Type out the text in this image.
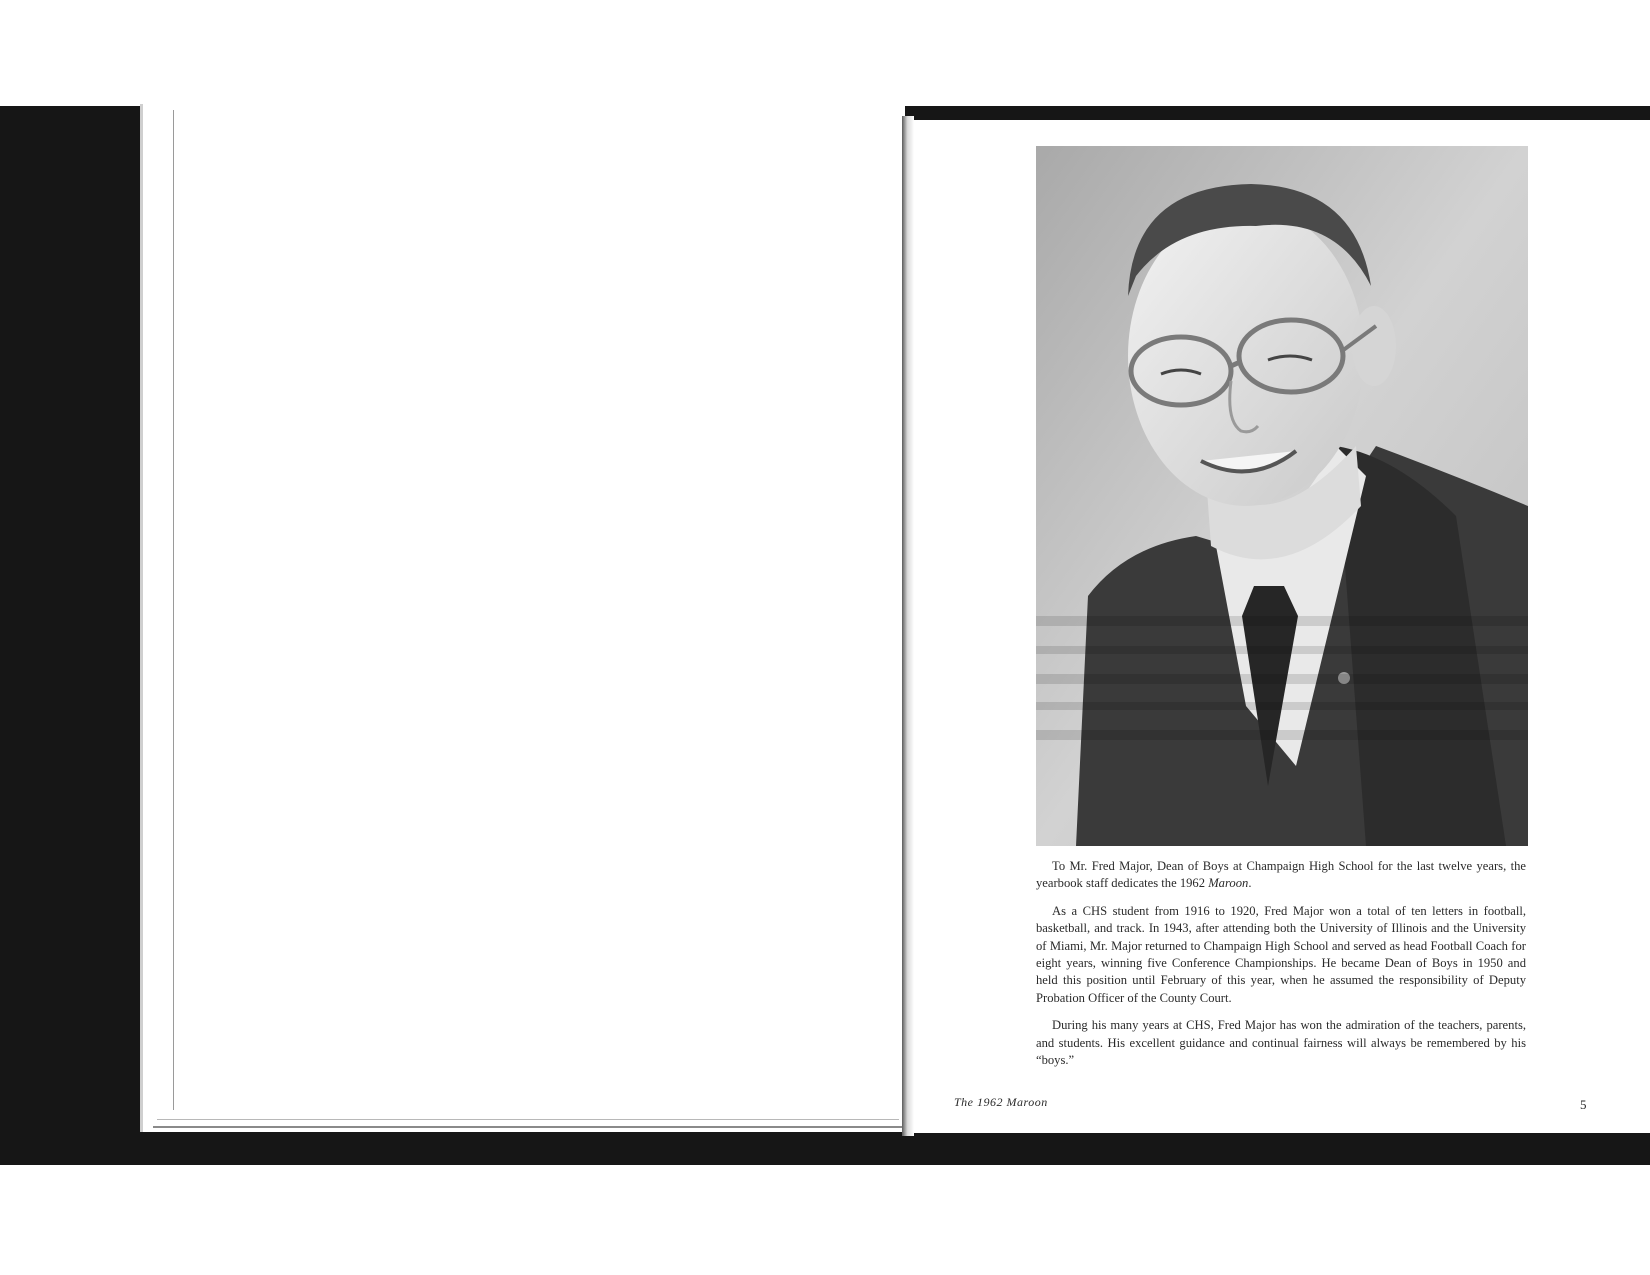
To Mr. Fred Major, Dean of Boys at Champaign High School for the last twelve years, the yearbook staff dedicates the 1962 Maroon.

As a CHS student from 1916 to 1920, Fred Major won a total of ten letters in football, basketball, and track. In 1943, after attending both the University of Illinois and the University of Miami, Mr. Major returned to Champaign High School and served as head Football Coach for eight years, winning five Conference Championships. He became Dean of Boys in 1950 and held this position until February of this year, when he assumed the responsibility of Deputy Probation Officer of the County Court.

During his many years at CHS, Fred Major has won the admiration of the teachers, parents, and students. His excellent guidance and continual fairness will always be remembered by his “boys.”

The 1962 Maroon	5
